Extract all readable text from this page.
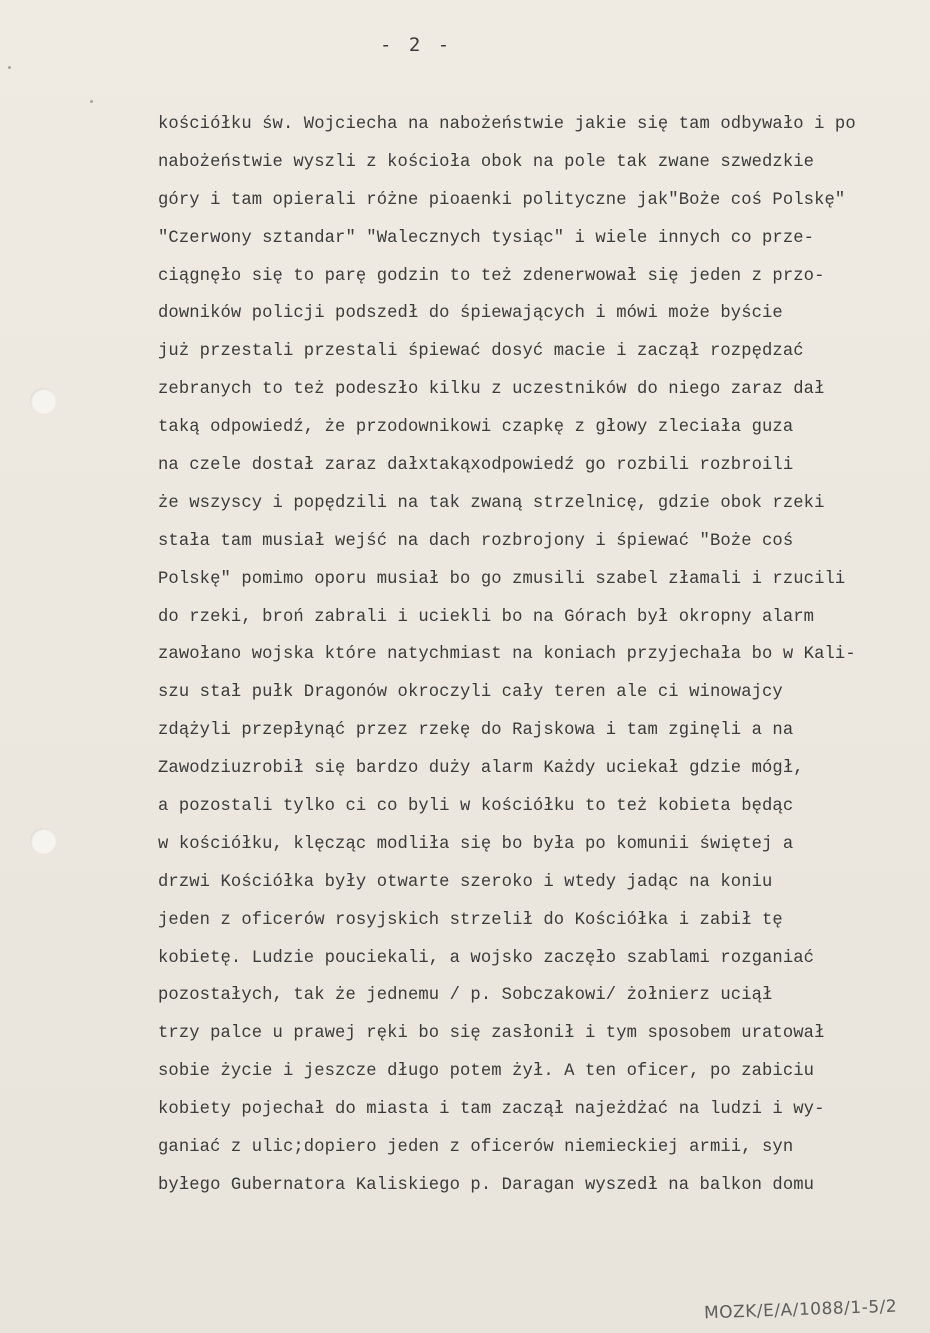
- 2 -
kościółku św. Wojciecha na nabożeństwie jakie się tam odbywało i po
nabożeństwie wyszli z kościoła obok na pole tak zwane szwedzkie
góry i tam opierali różne pioaenki polityczne jak"Boże coś Polskę"
"Czerwony sztandar" "Walecznych tysiąc" i wiele innych co prze-
ciągnęło się to parę godzin to też zdenerwował się jeden z przo-
downików policji podszedł do śpiewających i mówi może byście
już przestali przestali śpiewać dosyć macie i zaczął rozpędzać
zebranych to też podeszło kilku z uczestników do niego zaraz dał
taką odpowiedź, że przodownikowi czapkę z głowy zleciała guza
na czele dostał zaraz dałxtakąxodpowiedź go rozbili rozbroili
że wszyscy i popędzili na tak zwaną strzelnicę, gdzie obok rzeki
stała tam musiał wejść na dach rozbrojony i śpiewać "Boże coś
Polskę" pomimo oporu musiał bo go zmusili szabel złamali i rzucili
do rzeki, broń zabrali i uciekli bo na Górach był okropny alarm
zawołano wojska które natychmiast na koniach przyjechała bo w Kali-
szu stał pułk Dragonów okroczyli cały teren ale ci winowajcy
zdążyli przepłynąć przez rzekę do Rajskowa i tam zginęli a na
Zawodziuzrobił się bardzo duży alarm Każdy uciekał gdzie mógł,
a pozostali tylko ci co byli w kościółku to też kobieta będąc
w kościółku, klęcząc modliła się bo była po komunii świętej a
drzwi Kościółka były otwarte szeroko i wtedy jadąc na koniu
jeden z oficerów rosyjskich strzelił do Kościółka i zabił tę
kobietę. Ludzie pouciekali, a wojsko zaczęło szablami rozganiać
pozostałych, tak że jednemu / p. Sobczakowi/ żołnierz uciął
trzy palce u prawej ręki bo się zasłonił i tym sposobem uratował
sobie życie i jeszcze długo potem żył. A ten oficer, po zabiciu
kobiety pojechał do miasta i tam zaczął najeżdżać na ludzi i wy-
ganiać z ulic;dopiero jeden z oficerów niemieckiej armii, syn
byłego Gubernatora Kaliskiego p. Daragan wyszedł na balkon domu
MOZK/E/A/1088/1-5/2
